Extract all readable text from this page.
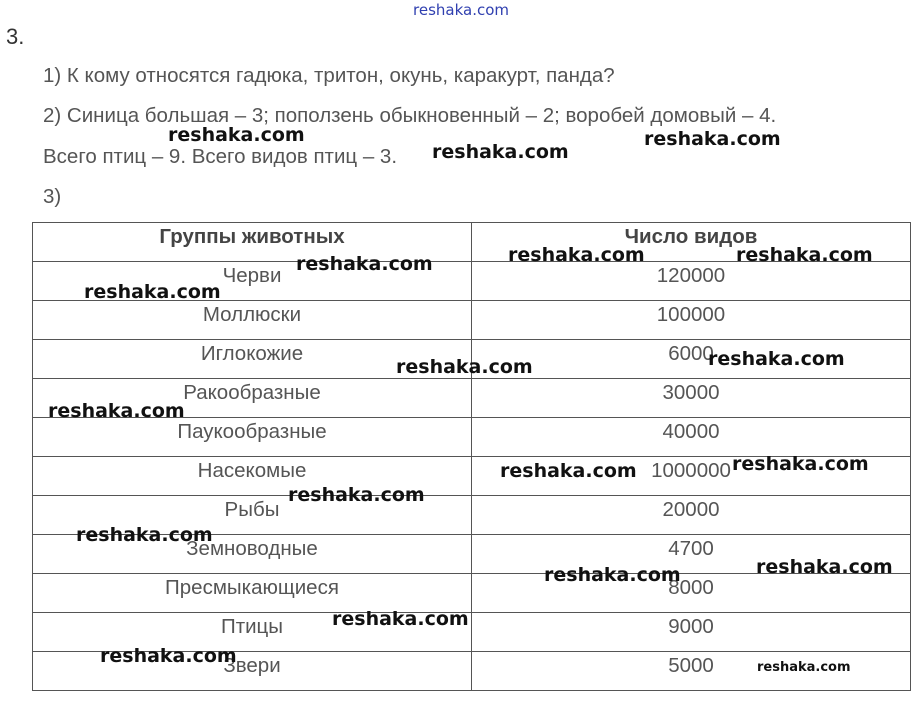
reshaka.com
3.
1) К кому относятся гадюка, тритон, окунь, каракурт, панда?
2) Синица большая – 3; поползень обыкновенный – 2; воробей домовый – 4.
Всего птиц – 9. Всего видов птиц – 3.
3)
Группы животных	Число видов
Черви	120000
Моллюски	100000
Иглокожие	6000
Ракообразные	30000
Паукообразные	40000
Насекомые	1000000
Рыбы	20000
Земноводные	4700
Пресмыкающиеся	8000
Птицы	9000
Звери	5000
reshaka.com
reshaka.com
reshaka.com
reshaka.com	reshaka.com
reshaka.com
reshaka.com
reshaka.com
reshaka.com
reshaka.com
reshaka.com
reshaka.com
reshaka.com
reshaka.com
reshaka.com
reshaka.com
reshaka.com
reshaka.com
reshaka.com
